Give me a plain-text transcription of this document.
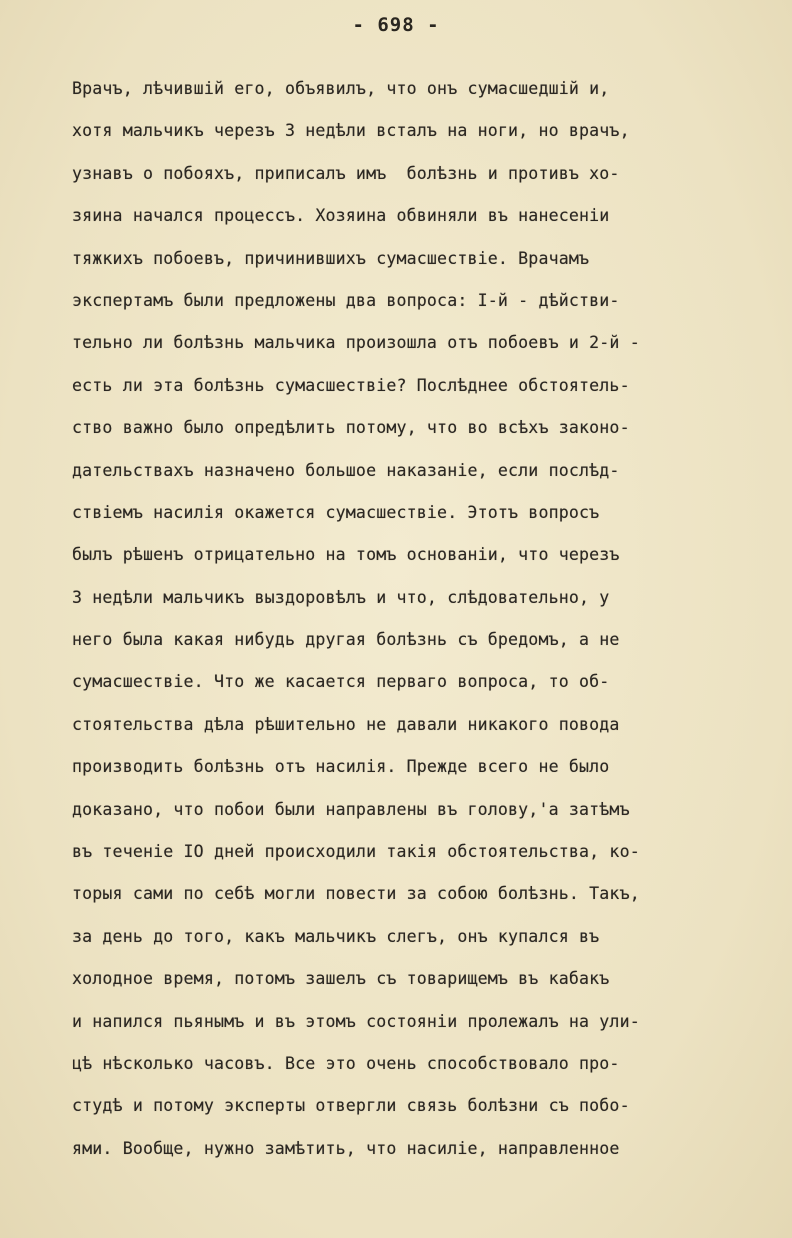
- 698 -
Врачъ, лѣчившій его, объявилъ, что онъ сумасшедшій и,
хотя мальчикъ черезъ 3 недѣли всталъ на ноги, но врачъ,
узнавъ о побояхъ, приписалъ имъ  болѣзнь и противъ хо-
зяина начался процессъ. Хозяина обвиняли въ нанесеніи
тяжкихъ побоевъ, причинившихъ сумасшествіе. Врачамъ
экспертамъ были предложены два вопроса: I-й - дѣйстви-
тельно ли болѣзнь мальчика произошла отъ побоевъ и 2-й -
есть ли эта болѣзнь сумасшествіе? Послѣднее обстоятель-
ство важно было опредѣлить потому, что во всѣхъ законо-
дательствахъ назначено большое наказаніе, если послѣд-
ствіемъ насилія окажется сумасшествіе. Этотъ вопросъ
былъ рѣшенъ отрицательно на томъ основаніи, что черезъ
3 недѣли мальчикъ выздоровѣлъ и что, слѣдовательно, у
него была какая нибудь другая болѣзнь съ бредомъ, а не
сумасшествіе. Что же касается перваго вопроса, то об-
стоятельства дѣла рѣшительно не давали никакого повода
производить болѣзнь отъ насилія. Прежде всего не было
доказано, что побои были направлены въ голову,'а затѣмъ
въ теченіе IO дней происходили такія обстоятельства, ко-
торыя сами по себѣ могли повести за собою болѣзнь. Такъ,
за день до того, какъ мальчикъ слегъ, онъ купался въ
холодное время, потомъ зашелъ съ товарищемъ въ кабакъ
и напился пьянымъ и въ этомъ состояніи пролежалъ на ули-
цѣ нѣсколько часовъ. Все это очень способствовало про-
студѣ и потому эксперты отвергли связь болѣзни съ побо-
ями. Вообще, нужно замѣтить, что насиліе, направленное
